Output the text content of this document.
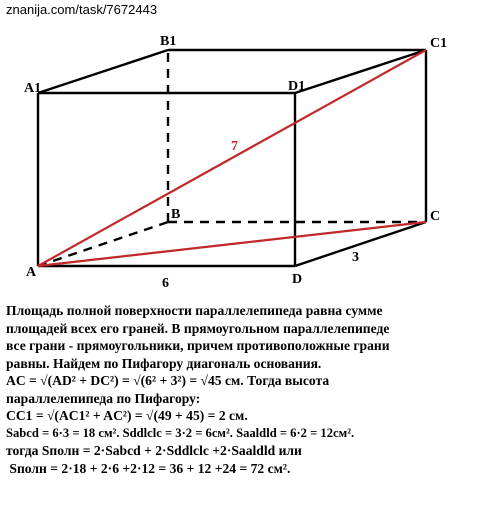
znanija.com/task/7672443
B1	C1
A1	D1
B	C
A	D
7
6
3

Площадь полной поверхности параллелепипеда равна сумме

площадей всех его граней. В прямоугольном параллелепипеде

все грани - прямоугольники, причем противоположные грани

равны. Найдем по Пифагору диагональ основания.

AC = √(AD² + DC²) = √(6² + 3²) = √45 см. Тогда высота

параллелепипеда по Пифагору:

CC1 = √(AC1² + AC²) = √(49 + 45) = 2 см.

Sabcd = 6·3 = 18 см². Sddlclc = 3·2 = 6см². Saaldld = 6·2 = 12см².

тогда Sполн = 2·Sabcd + 2·Sddlclc +2·Saaldld или

Sполн = 2·18 + 2·6 +2·12 = 36 + 12 +24 = 72 см².
